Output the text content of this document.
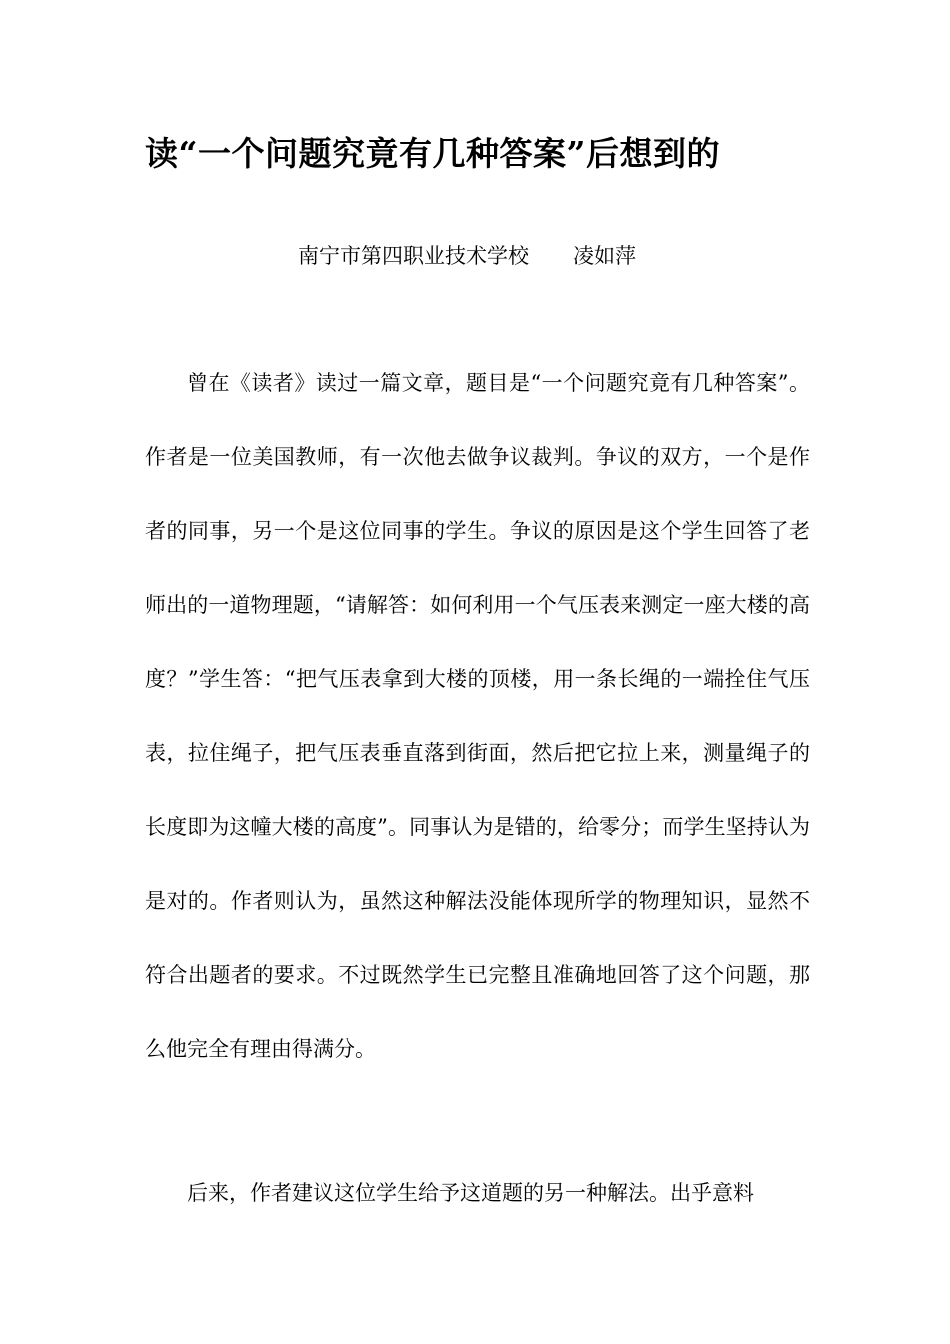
读“一个问题究竟有几种答案”后想到的
南宁市第四职业技术学校 凌如萍
曾在《读者》读过一篇文章，题目是“一个问题究竟有几种答案”。作者是一位美国教师，有一次他去做争议裁判。争议的双方，一个是作者的同事，另一个是这位同事的学生。争议的原因是这个学生回答了老师出的一道物理题，“请解答：如何利用一个气压表来测定一座大楼的高度？”学生答：“把气压表拿到大楼的顶楼，用一条长绳的一端拴住气压表，拉住绳子，把气压表垂直落到街面，然后把它拉上来，测量绳子的长度即为这幢大楼的高度”。同事认为是错的，给零分；而学生坚持认为是对的。作者则认为，虽然这种解法没能体现所学的物理知识，显然不符合出题者的要求。不过既然学生已完整且准确地回答了这个问题，那么他完全有理由得满分。
后来，作者建议这位学生给予这道题的另一种解法。出乎意料
